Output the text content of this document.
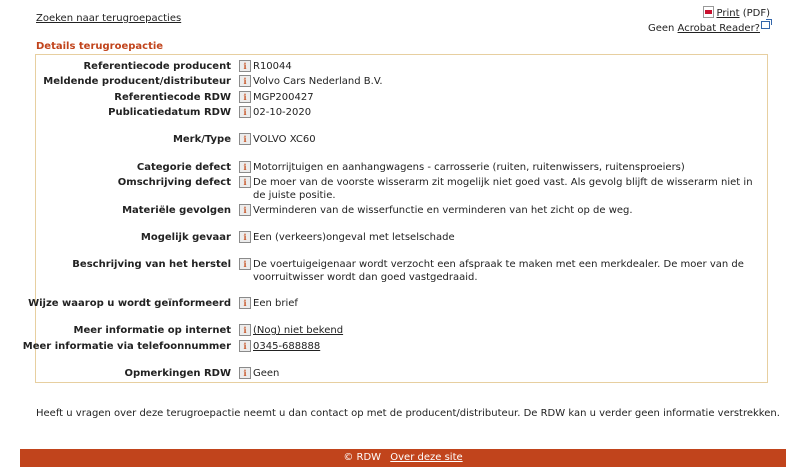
Zoeken naar terugroepacties	Print (PDF)
Geen Acrobat Reader?
Details terugroepactie
Referentiecode producent	i R10044
Meldende producent/distributeur	i Volvo Cars Nederland B.V.
Referentiecode RDW	i MGP200427
Publicatiedatum RDW	i 02-10-2020
Merk/Type	i VOLVO XC60
Categorie defect	i Motorrijtuigen en aanhangwagens - carrosserie (ruiten, ruitenwissers, ruitensproeiers)
Omschrijving defect	i De moer van de voorste wisserarm zit mogelijk niet goed vast. Als gevolg blijft de wisserarm niet in de juiste positie.
Materiële gevolgen	i Verminderen van de wisserfunctie en verminderen van het zicht op de weg.
Mogelijk gevaar	i Een (verkeers)ongeval met letselschade
Beschrijving van het herstel	i De voertuigeigenaar wordt verzocht een afspraak te maken met een merkdealer. De moer van de voorruitwisser wordt dan goed vastgedraaid.
Wijze waarop u wordt geïnformeerd	i Een brief
Meer informatie op internet	i (Nog) niet bekend
Meer informatie via telefoonnummer	i 0345-688888
Opmerkingen RDW	i Geen
Heeft u vragen over deze terugroepactie neemt u dan contact op met de producent/distributeur. De RDW kan u verder geen informatie verstrekken.
© RDW Over deze site
